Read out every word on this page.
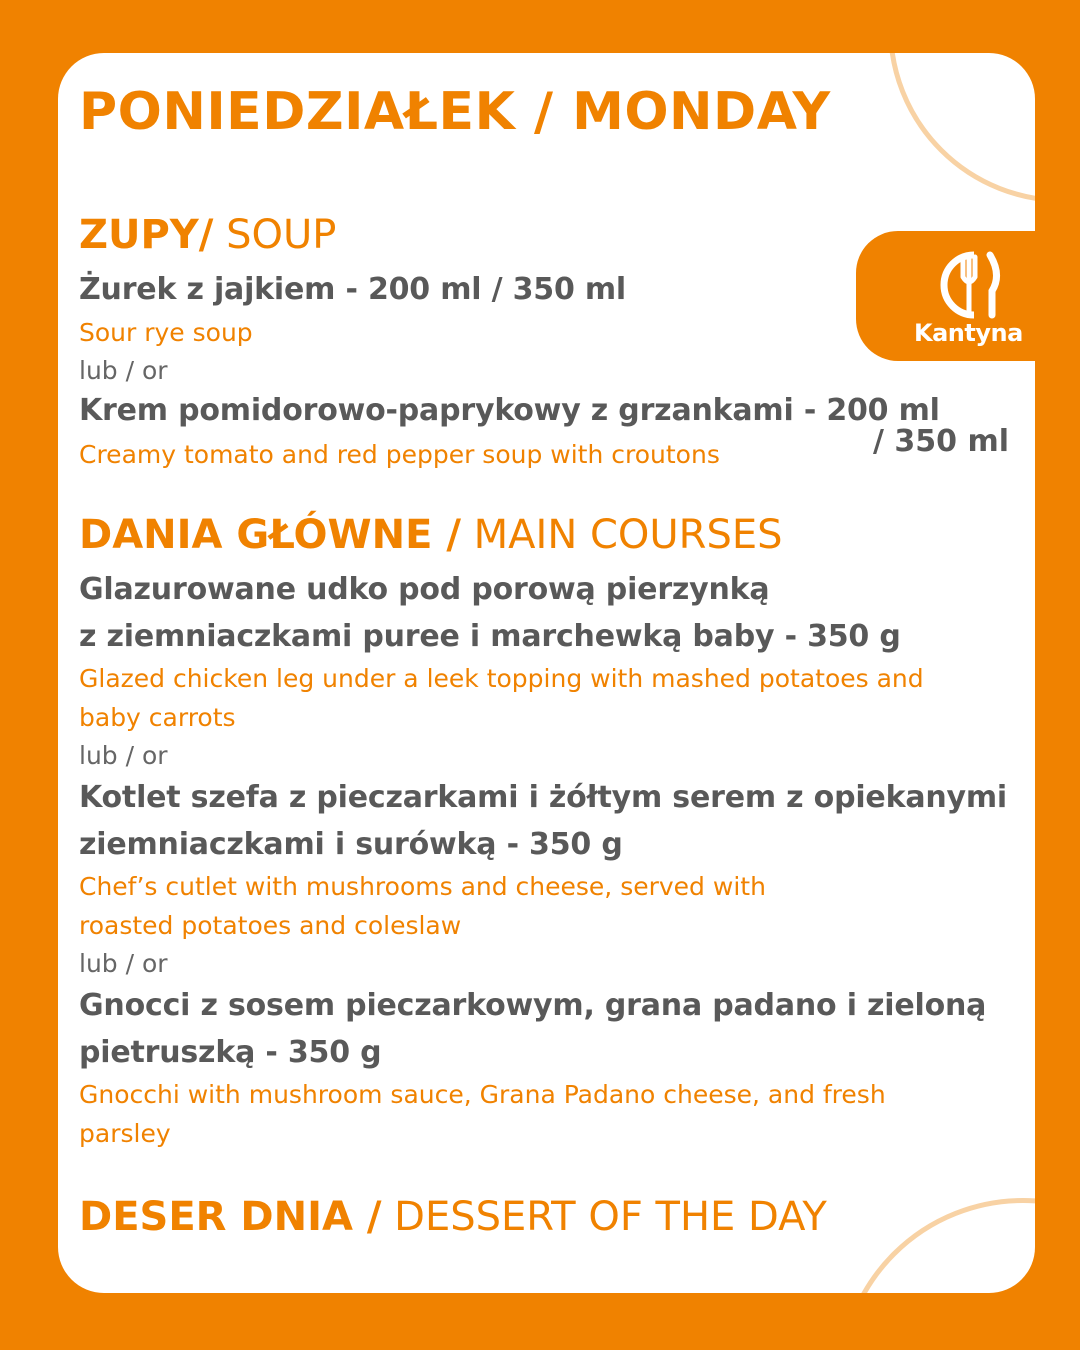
Kantyna
PONIEDZIAŁEK / MONDAY
ZUPY/ SOUP
Żurek z jajkiem - 200 ml / 350 ml
Sour rye soup
lub / or
Krem pomidorowo-paprykowy z grzankami - 200 ml
/ 350 ml
Creamy tomato and red pepper soup with croutons
DANIA GŁÓWNE / MAIN COURSES
Glazurowane udko pod porową pierzynką
z ziemniaczkami puree i marchewką baby - 350 g
Glazed chicken leg under a leek topping with mashed potatoes and
baby carrots
lub / or
Kotlet szefa z pieczarkami i żółtym serem z opiekanymi
ziemniaczkami i surówką - 350 g
Chef’s cutlet with mushrooms and cheese, served with
roasted potatoes and coleslaw
lub / or
Gnocci z sosem pieczarkowym, grana padano i zieloną
pietruszką - 350 g
Gnocchi with mushroom sauce, Grana Padano cheese, and fresh
parsley
DESER DNIA / DESSERT OF THE DAY
